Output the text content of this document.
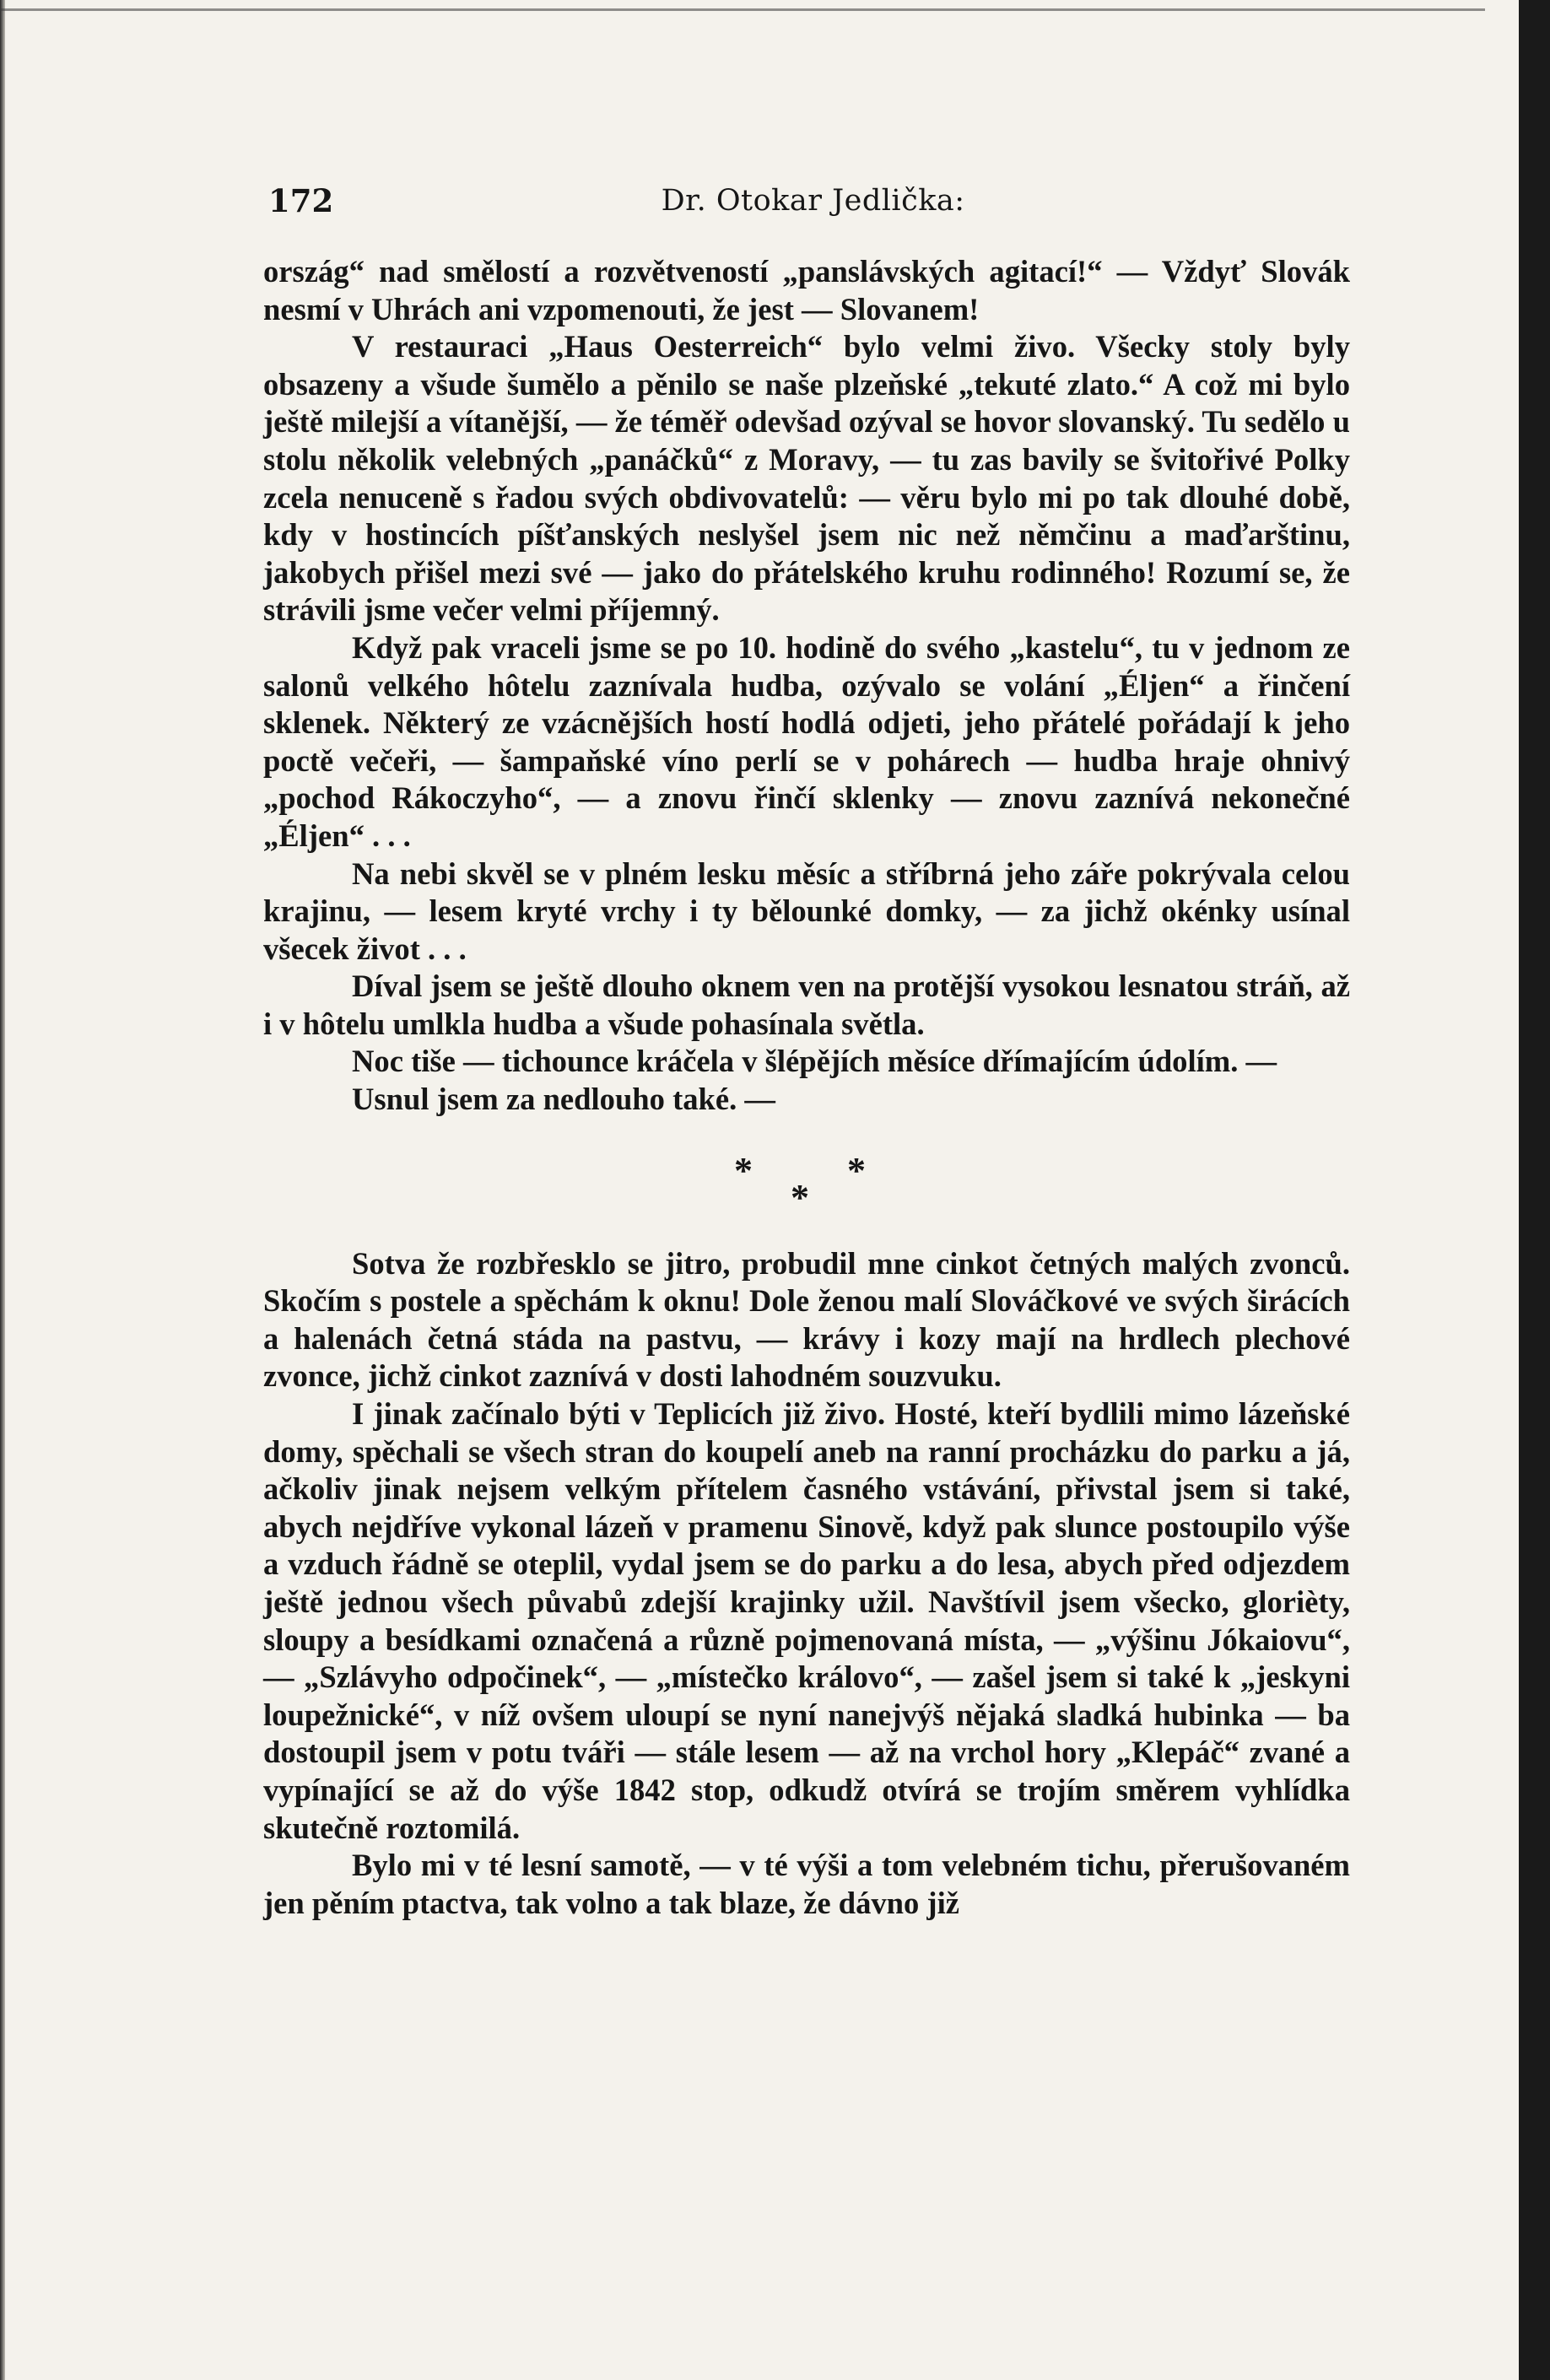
172	Dr. Otokar Jedlička:

ország“ nad smělostí a rozvětveností „panslávských agitací!“ — Vždyť Slovák nesmí v Uhrách ani vzpomenouti, že jest — Slovanem!

V restauraci „Haus Oesterreich“ bylo velmi živo. Všecky stoly byly obsazeny a všude šumělo a pěnilo se naše plzeňské „tekuté zlato.“ A což mi bylo ještě milejší a vítanější, — že téměř odevšad ozýval se hovor slovanský. Tu sedělo u stolu několik velebných „panáčků“ z Moravy, — tu zas bavily se švitořivé Polky zcela nenuceně s řadou svých obdivovatelů: — věru bylo mi po tak dlouhé době, kdy v hostincích píšťanských neslyšel jsem nic než němčinu a maďarštinu, jakobych přišel mezi své — jako do přátelského kruhu rodinného! Rozumí se, že strávili jsme večer velmi příjemný.

Když pak vraceli jsme se po 10. hodině do svého „kastelu“, tu v jednom ze salonů velkého hôtelu zaznívala hudba, ozývalo se volání „Éljen“ a řinčení sklenek. Některý ze vzácnějších hostí hodlá odjeti, jeho přátelé pořádají k jeho poctě večeři, — šampaňské víno perlí se v pohárech — hudba hraje ohnivý „pochod Rákoczyho“, — a znovu řinčí sklenky — znovu zaznívá nekonečné „Éljen“ . . .

Na nebi skvěl se v plném lesku měsíc a stříbrná jeho záře pokrývala celou krajinu, — lesem kryté vrchy i ty bělounké domky, — za jichž okénky usínal všecek život . . .

Díval jsem se ještě dlouho oknem ven na protější vysokou lesnatou stráň, až i v hôtelu umlkla hudba a všude pohasínala světla.

Noc tiše — tichounce kráčela v šlépějích měsíce dřímajícím údolím. —

Usnul jsem za nedlouho také. —

*	*
*

Sotva že rozbřesklo se jitro, probudil mne cinkot četných malých zvonců. Skočím s postele a spěchám k oknu! Dole ženou malí Slováčkové ve svých širácích a halenách četná stáda na pastvu, — krávy i kozy mají na hrdlech plechové zvonce, jichž cinkot zaznívá v dosti lahodném souzvuku.

I jinak začínalo býti v Teplicích již živo. Hosté, kteří bydlili mimo lázeňské domy, spěchali se všech stran do koupelí aneb na ranní procházku do parku a já, ačkoliv jinak nejsem velkým přítelem časného vstávání, přivstal jsem si také, abych nejdříve vykonal lázeň v pramenu Sinově, když pak slunce postoupilo výše a vzduch řádně se oteplil, vydal jsem se do parku a do lesa, abych před odjezdem ještě jednou všech půvabů zdejší krajinky užil. Navštívil jsem všecko, glorièty, sloupy a besídkami označená a různě pojmenovaná místa, — „výšinu Jókaiovu“, — „Szlávyho odpočinek“, — „místečko královo“, — zašel jsem si také k „jeskyni loupežnické“, v níž ovšem uloupí se nyní nanejvýš nějaká sladká hubinka — ba dostoupil jsem v potu tváři — stále lesem — až na vrchol hory „Klepáč“ zvané a vypínající se až do výše 1842 stop, odkudž otvírá se trojím směrem vyhlídka skutečně roztomilá.

Bylo mi v té lesní samotě, — v té výši a tom velebném tichu, přerušovaném jen pěním ptactva, tak volno a tak blaze, že dávno již
